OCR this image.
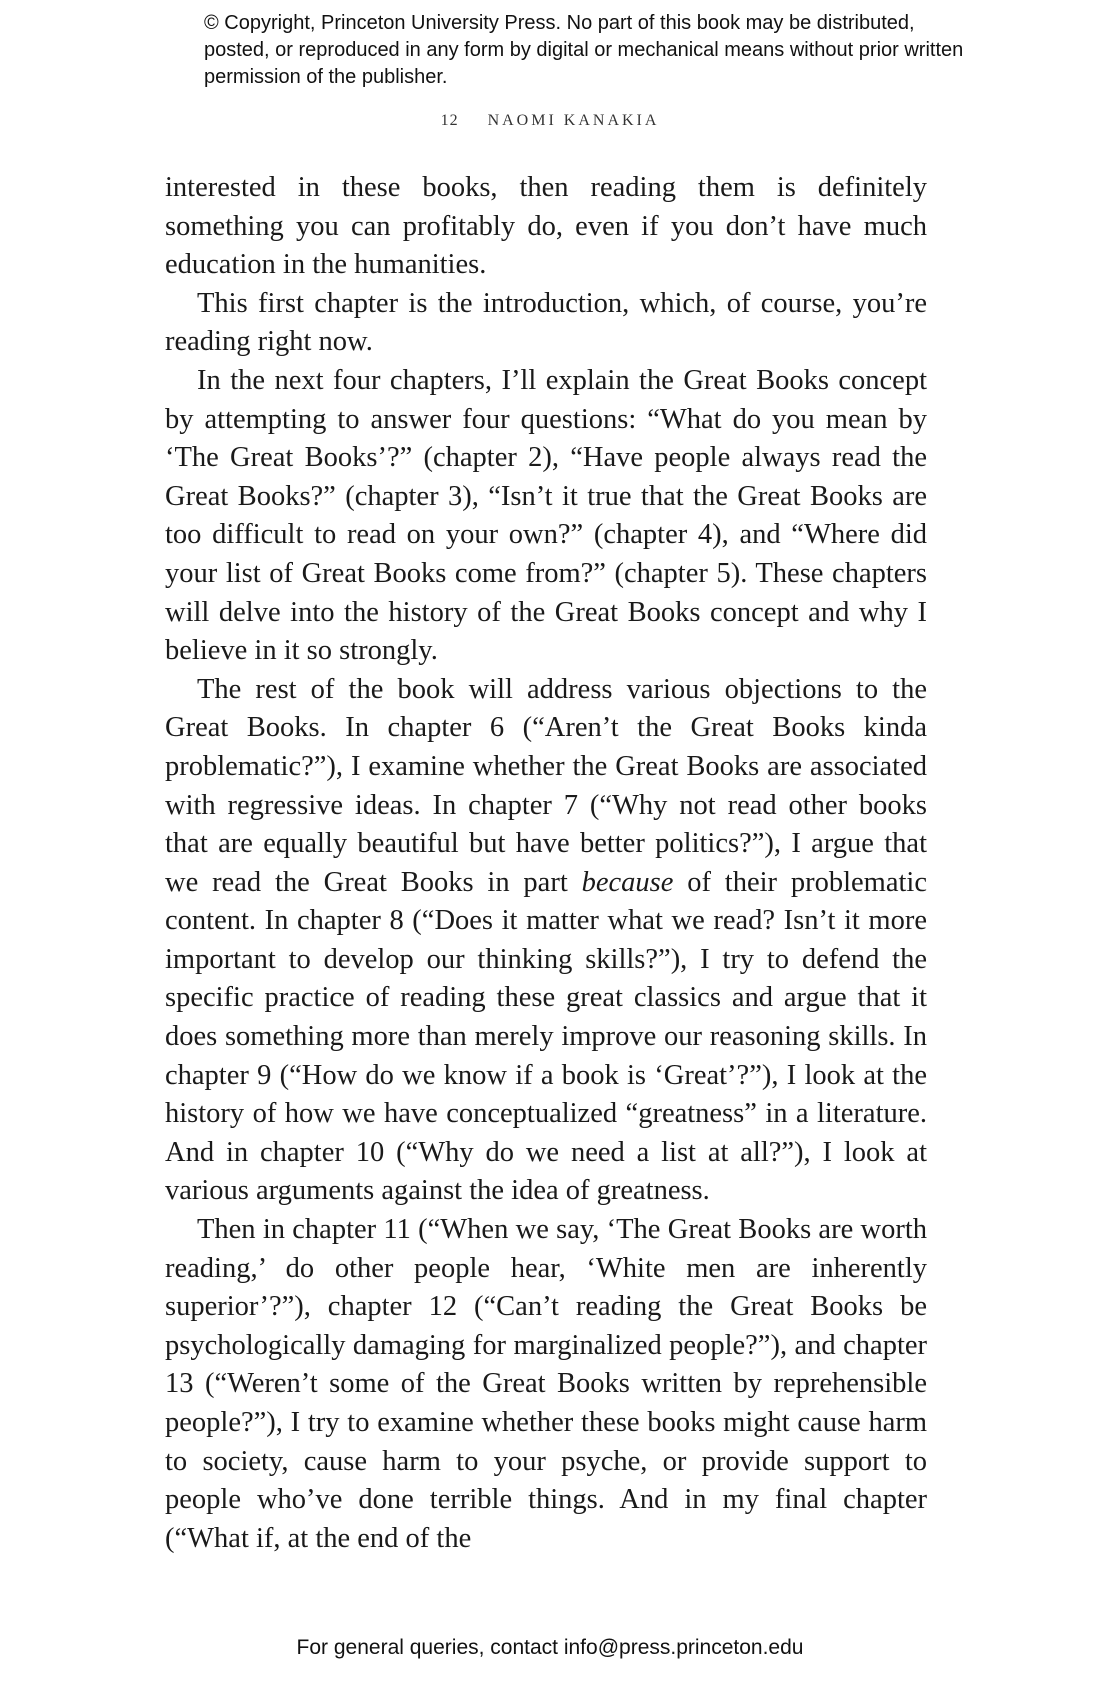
© Copyright, Princeton University Press. No part of this book may be distributed, posted, or reproduced in any form by digital or mechanical means without prior written permission of the publisher.
12 NAOMI KANAKIA

interested in these books, then reading them is definitely something you can profitably do, even if you don’t have much education in the humanities.

This first chapter is the introduction, which, of course, you’re reading right now.

In the next four chapters, I’ll explain the Great Books concept by attempting to answer four questions: “What do you mean by ‘The Great Books’?” (chapter 2), “Have people always read the Great Books?” (chapter 3), “Isn’t it true that the Great Books are too difficult to read on your own?” (chapter 4), and “Where did your list of Great Books come from?” (chapter 5). These chapters will delve into the history of the Great Books concept and why I believe in it so strongly.

The rest of the book will address various objections to the Great Books. In chapter 6 (“Aren’t the Great Books kinda problematic?”), I examine whether the Great Books are associated with regressive ideas. In chapter 7 (“Why not read other books that are equally beautiful but have better politics?”), I argue that we read the Great Books in part because of their problematic content. In chapter 8 (“Does it matter what we read? Isn’t it more important to develop our thinking skills?”), I try to defend the specific practice of reading these great classics and argue that it does something more than merely improve our reasoning skills. In chapter 9 (“How do we know if a book is ‘Great’?”), I look at the history of how we have conceptualized “greatness” in a literature. And in chapter 10 (“Why do we need a list at all?”), I look at various arguments against the idea of greatness.

Then in chapter 11 (“When we say, ‘The Great Books are worth reading,’ do other people hear, ‘White men are inherently superior’?”), chapter 12 (“Can’t reading the Great Books be psychologically damaging for marginalized people?”), and chapter 13 (“Weren’t some of the Great Books written by reprehensible people?”), I try to examine whether these books might cause harm to society, cause harm to your psyche, or provide support to people who’ve done terrible things. And in my final chapter (“What if, at the end of the

For general queries, contact info@press.princeton.edu
